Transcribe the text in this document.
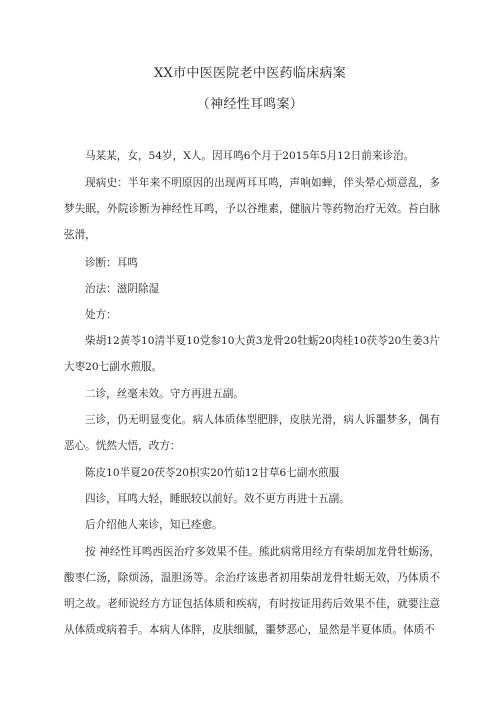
XX市中医医院老中医药临床病案
（神经性耳鸣案）
马某某，女，54岁，X人。因耳鸣6个月于2015年5月12日前来诊治。
现病史：半年来不明原因的出现两耳耳鸣，声响如蝉，伴头晕心烦意乱，多梦失眠，外院诊断为神经性耳鸣，予以谷维素，健脑片等药物治疗无效。苔白脉弦滑，
诊断：耳鸣
治法：滋阴除湿
处方：
柴胡12黄苓10清半夏10党参10大黄3龙骨20牡蛎20肉桂10茯苓20生姜3片大枣20七副水煎服。
二诊，丝毫未效。守方再进五副。
三诊，仍无明显变化。病人体质体型肥胖，皮肤光滑，病人诉噩梦多，偶有恶心。恍然大悟，改方：
陈皮10半夏20茯苓20枳实20竹茹12甘草6七副水煎服
四诊，耳鸣大轻，睡眠较以前好。效不更方再进十五副。
后介绍他人来诊，知已痊愈。
按 神经性耳鸣西医治疗多效果不佳。熊此病常用经方有柴胡加龙骨牡蛎汤，酸枣仁汤，除烦汤，温胆汤等。余治疗该患者初用柴胡龙骨牡蛎无效，乃体质不明之故。老师说经方方证包括体质和疾病，有时按证用药后效果不佳，就要注意从体质或病着手。本病人体胖，皮肤细腻，噩梦恶心，显然是半夏体质。体质不
